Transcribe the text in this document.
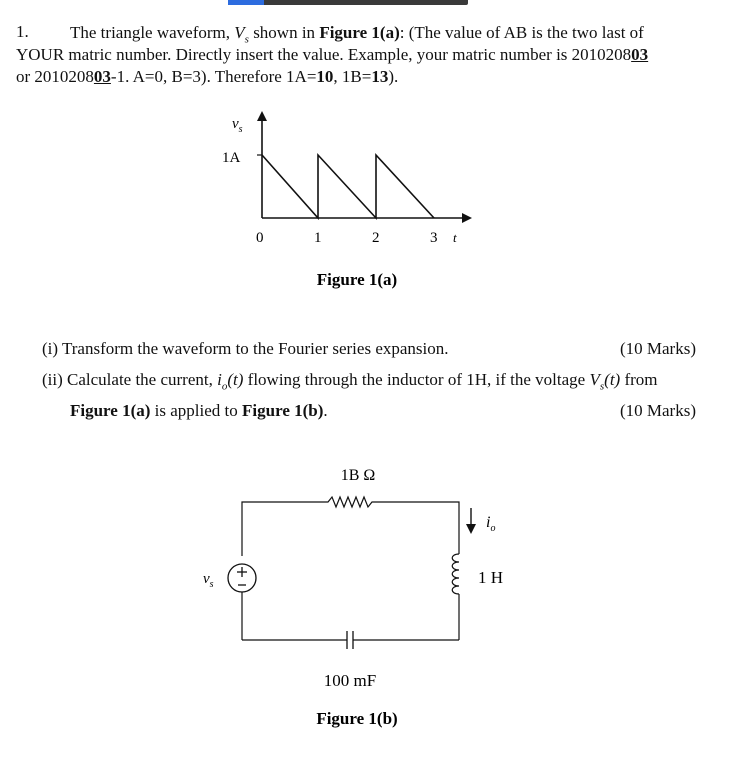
1. The triangle waveform, $V_s$ shown in Figure 1(a): (The value of AB is the two last of
YOUR matric number. Directly insert the value. Example, your matric number is 201020803
or 201020803-1. A=0, B=3). Therefore 1A=10, 1B=13).
$v_s$
1A
0	1	2	3 t
Figure 1(a)
1B Ω
$v_s$
$i_o$
1 H
100 mF
Figure 1(b)
(i) Transform the waveform to the Fourier series expansion.	(10 Marks)
(ii) Calculate the current, $i_o(t)$ flowing through the inductor of 1H, if the voltage $V_s(t)$ from
Figure 1(a) is applied to Figure 1(b).	(10 Marks)
